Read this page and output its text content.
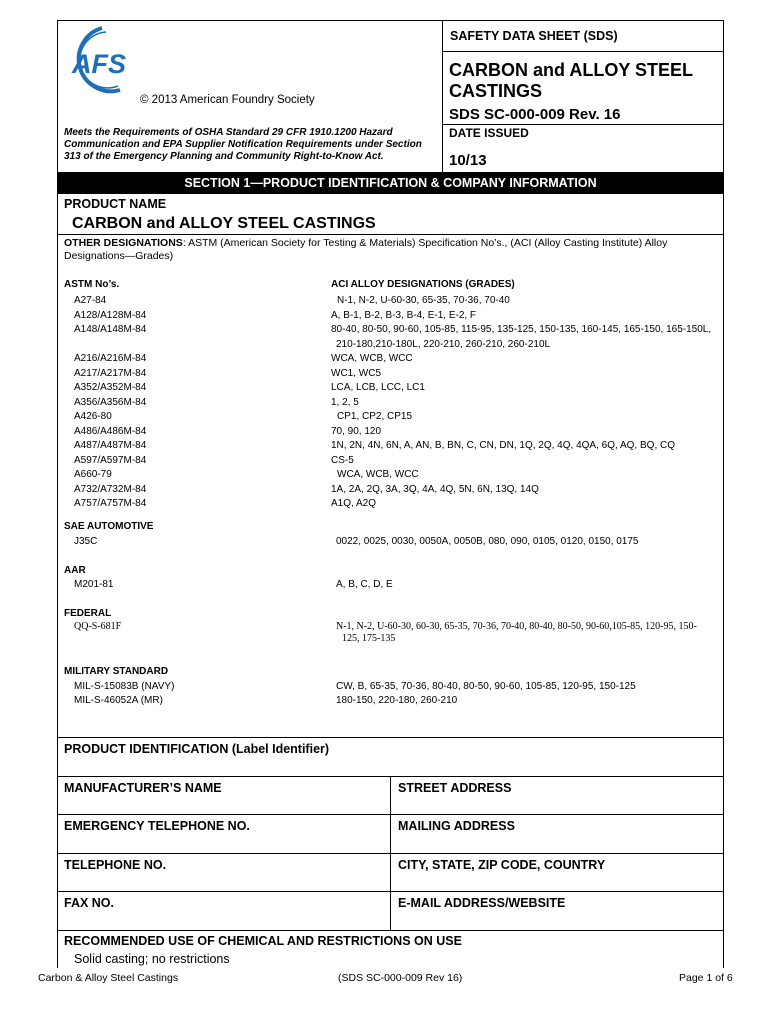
AFS
© 2013 American Foundry Society
Meets the Requirements of OSHA Standard 29 CFR 1910.1200 Hazard Communication and EPA Supplier Notification Requirements under Section 313 of the Emergency Planning and Community Right-to-Know Act.
SAFETY DATA SHEET (SDS)
CARBON and ALLOY STEEL CASTINGS
SDS SC-000-009 Rev. 16
DATE ISSUED
10/13
SECTION 1—PRODUCT IDENTIFICATION & COMPANY INFORMATION
PRODUCT NAME
CARBON and ALLOY STEEL CASTINGS
OTHER DESIGNATIONS: ASTM (American Society for Testing & Materials) Specification No’s., (ACI (Alloy Casting Institute) Alloy Designations—Grades)
ASTM No’s.	ACI ALLOY DESIGNATIONS (GRADES)
A27-84	N-1, N-2, U-60-30, 65-35, 70-36, 70-40
A128/A128M-84	A, B-1, B-2, B-3, B-4, E-1, E-2, F
A148/A148M-84	80-40, 80-50, 90-60, 105-85, 115-95, 135-125, 150-135, 160-145, 165-150, 165-150L,
210-180,210-180L, 220-210, 260-210, 260-210L
A216/A216M-84	WCA, WCB, WCC
A217/A217M-84	WC1, WC5
A352/A352M-84	LCA, LCB, LCC, LC1
A356/A356M-84	1, 2, 5
A426-80	CP1, CP2, CP15
A486/A486M-84	70, 90, 120
A487/A487M-84	1N, 2N, 4N, 6N, A, AN, B, BN, C, CN, DN, 1Q, 2Q, 4Q, 4QA, 6Q, AQ, BQ, CQ
A597/A597M-84	CS-5
A660-79	WCA, WCB, WCC
A732/A732M-84	1A, 2A, 2Q, 3A, 3Q, 4A, 4Q, 5N, 6N, 13Q, 14Q
A757/A757M-84	A1Q, A2Q
SAE AUTOMOTIVE
J35C	0022, 0025, 0030, 0050A, 0050B, 080, 090, 0105, 0120, 0150, 0175
AAR
M201-81	A, B, C, D, E
FEDERAL
QQ-S-681F	N-1, N-2, U-60-30, 60-30, 65-35, 70-36, 70-40, 80-40, 80-50, 90-60,105-85, 120-95, 150-
125, 175-135
MILITARY STANDARD
MIL-S-15083B (NAVY)	CW, B, 65-35, 70-36, 80-40, 80-50, 90-60, 105-85, 120-95, 150-125
MIL-S-46052A (MR)	180-150, 220-180, 260-210
PRODUCT IDENTIFICATION (Label Identifier)
MANUFACTURER’S NAME	STREET ADDRESS
EMERGENCY TELEPHONE NO.	MAILING ADDRESS
TELEPHONE NO.	CITY, STATE, ZIP CODE, COUNTRY
FAX NO.	E-MAIL ADDRESS/WEBSITE
RECOMMENDED USE OF CHEMICAL AND RESTRICTIONS ON USE
Solid casting; no restrictions
Carbon & Alloy Steel Castings	(SDS SC-000-009 Rev 16)	Page 1 of 6
